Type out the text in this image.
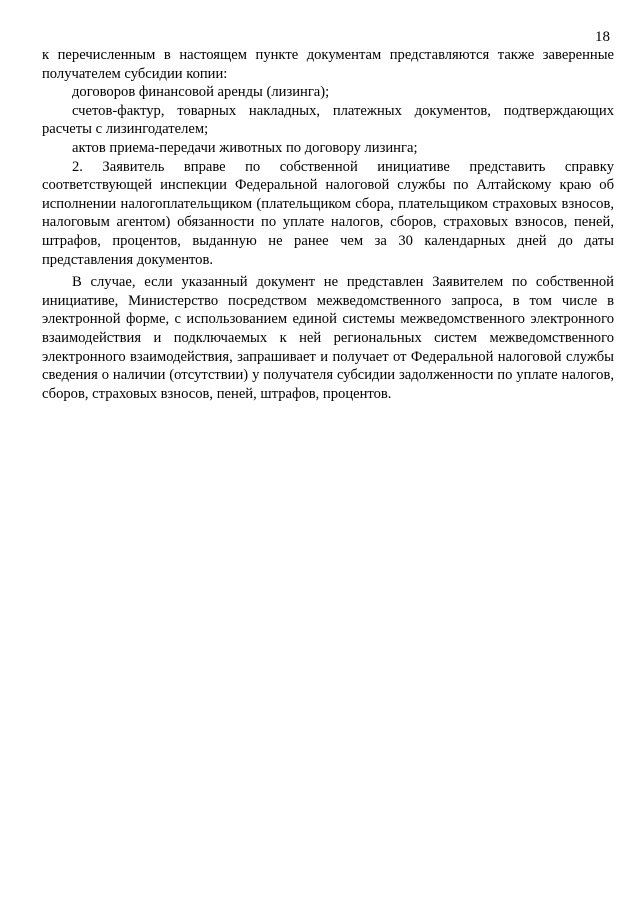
18

к перечисленным в настоящем пункте документам представляются также заверенные получателем субсидии копии:

договоров финансовой аренды (лизинга);

счетов-фактур, товарных накладных, платежных документов, подтверждающих расчеты с лизингодателем;

актов приема-передачи животных по договору лизинга;

2. Заявитель вправе по собственной инициативе представить справку соответствующей инспекции Федеральной налоговой службы по Алтайскому краю об исполнении налогоплательщиком (плательщиком сбора, плательщиком страховых взносов, налоговым агентом) обязанности по уплате налогов, сборов, страховых взносов, пеней, штрафов, процентов, выданную не ранее чем за 30 календарных дней до даты представления документов.

В случае, если указанный документ не представлен Заявителем по собственной инициативе, Министерство посредством межведомственного запроса, в том числе в электронной форме, с использованием единой системы межведомственного электронного взаимодействия и подключаемых к ней региональных систем межведомственного электронного взаимодействия, запрашивает и получает от Федеральной налоговой службы сведения о наличии (отсутствии) у получателя субсидии задолженности по уплате налогов, сборов, страховых взносов, пеней, штрафов, процентов.
